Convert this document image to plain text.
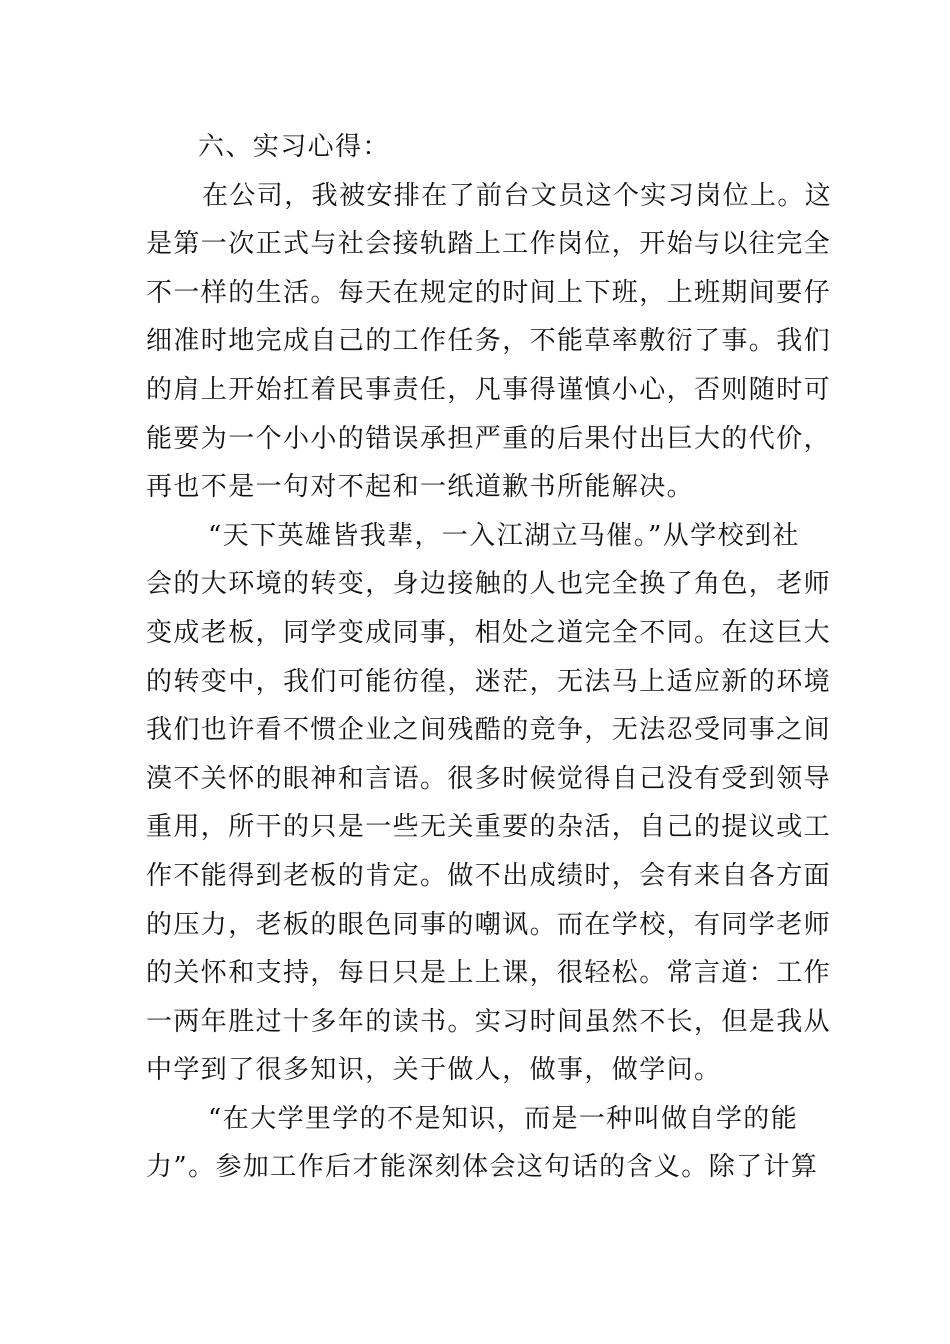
六、实习心得：

在公司，我被安排在了前台文员这个实习岗位上。这
是第一次正式与社会接轨踏上工作岗位，开始与以往完全
不一样的生活。每天在规定的时间上下班，上班期间要仔
细准时地完成自己的工作任务，不能草率敷衍了事。我们
的肩上开始扛着民事责任，凡事得谨慎小心，否则随时可
能要为一个小小的错误承担严重的后果付出巨大的代价，
再也不是一句对不起和一纸道歉书所能解决。

“天下英雄皆我辈，一入江湖立马催。”从学校到社
会的大环境的转变，身边接触的人也完全换了角色，老师
变成老板，同学变成同事，相处之道完全不同。在这巨大
的转变中，我们可能彷徨，迷茫，无法马上适应新的环境
我们也许看不惯企业之间残酷的竞争，无法忍受同事之间
漠不关怀的眼神和言语。很多时候觉得自己没有受到领导
重用，所干的只是一些无关重要的杂活，自己的提议或工
作不能得到老板的肯定。做不出成绩时，会有来自各方面
的压力，老板的眼色同事的嘲讽。而在学校，有同学老师
的关怀和支持，每日只是上上课，很轻松。常言道：工作
一两年胜过十多年的读书。实习时间虽然不长，但是我从
中学到了很多知识，关于做人，做事，做学问。

“在大学里学的不是知识，而是一种叫做自学的能
力”。参加工作后才能深刻体会这句话的含义。除了计算
